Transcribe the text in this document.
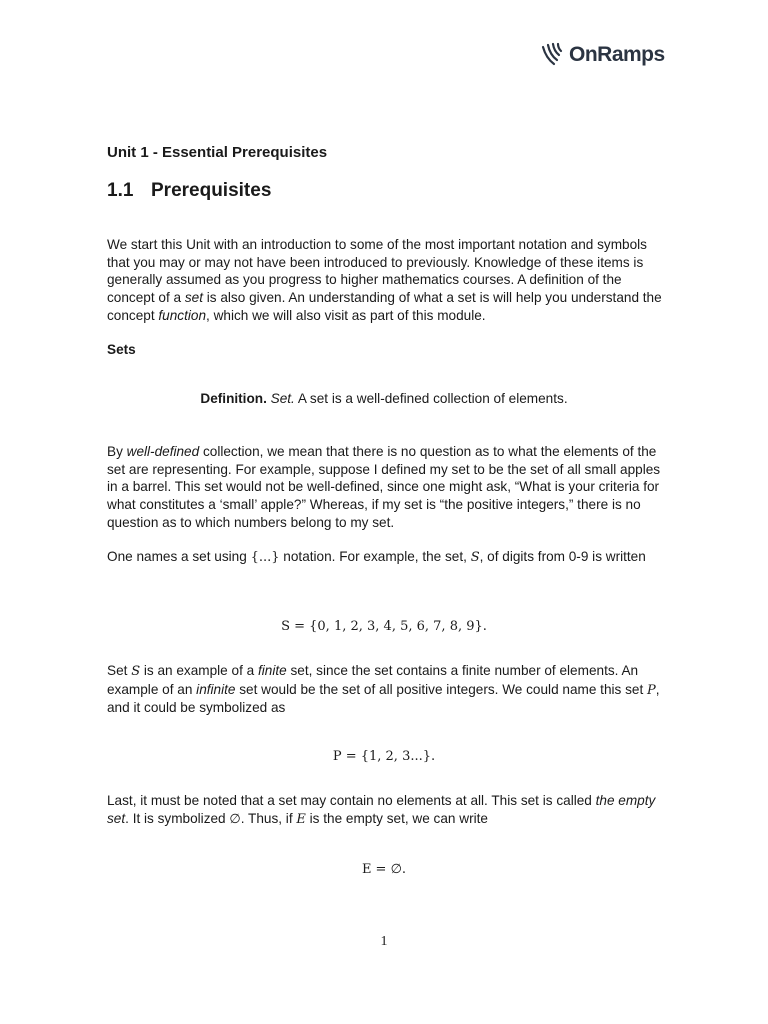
OnRamps
Unit 1 - Essential Prerequisites
1.1 Prerequisites

We start this Unit with an introduction to some of the most important notation and symbols that you may or may not have been introduced to previously. Knowledge of these items is generally assumed as you progress to higher mathematics courses. A definition of the concept of a set is also given. An understanding of what a set is will help you understand the concept function, which we will also visit as part of this module.

Sets
Definition. Set. A set is a well-defined collection of elements.

By well-defined collection, we mean that there is no question as to what the elements of the set are representing. For example, suppose I defined my set to be the set of all small apples in a barrel. This set would not be well-defined, since one might ask, “What is your criteria for what constitutes a ‘small’ apple?” Whereas, if my set is “the positive integers,” there is no question as to which numbers belong to my set.

One names a set using {...} notation. For example, the set, S, of digits from 0-9 is written

S = {0, 1, 2, 3, 4, 5, 6, 7, 8, 9}.

Set S is an example of a finite set, since the set contains a finite number of elements. An example of an infinite set would be the set of all positive integers. We could name this set P, and it could be symbolized as

P = {1, 2, 3...}.

Last, it must be noted that a set may contain no elements at all. This set is called the empty set. It is symbolized ∅. Thus, if E is the empty set, we can write

E = ∅.
1
